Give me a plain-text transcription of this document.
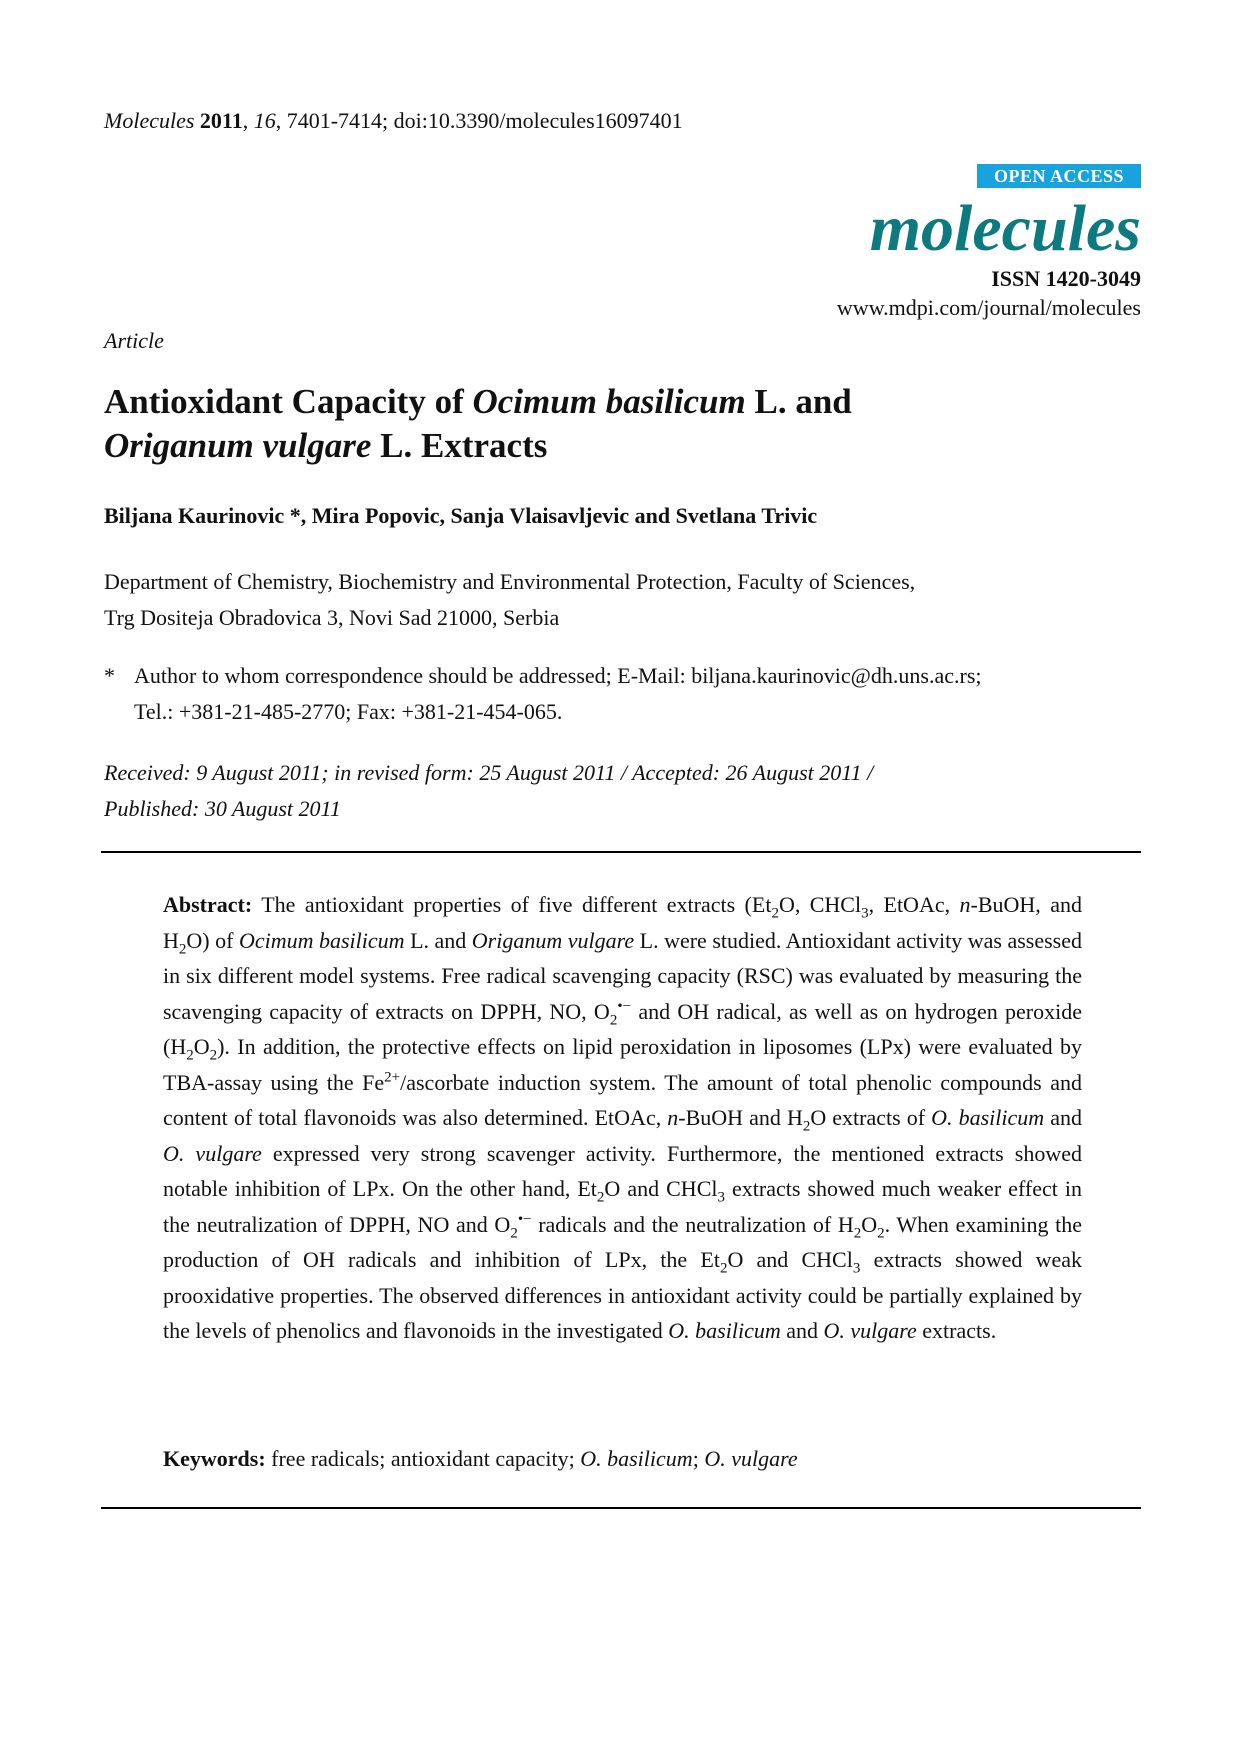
Molecules 2011, 16, 7401-7414; doi:10.3390/molecules16097401
OPEN ACCESS
molecules
ISSN 1420-3049
www.mdpi.com/journal/molecules
Article
Antioxidant Capacity of Ocimum basilicum L. and
Origanum vulgare L. Extracts
Biljana Kaurinovic *, Mira Popovic, Sanja Vlaisavljevic and Svetlana Trivic
Department of Chemistry, Biochemistry and Environmental Protection, Faculty of Sciences,
Trg Dositeja Obradovica 3, Novi Sad 21000, Serbia
* Author to whom correspondence should be addressed; E-Mail: biljana.kaurinovic@dh.uns.ac.rs;
Tel.: +381-21-485-2770; Fax: +381-21-454-065.
Received: 9 August 2011; in revised form: 25 August 2011 / Accepted: 26 August 2011 /
Published: 30 August 2011
Abstract: The antioxidant properties of five different extracts ($Et_2O$, CHCl$_3$, EtOAc, n-BuOH, and $H_2O$) of Ocimum basilicum L. and Origanum vulgare L. were studied. Antioxidant activity was assessed in six different model systems. Free radical scavenging capacity (RSC) was evaluated by measuring the scavenging capacity of extracts on DPPH, NO, $O_2^{•-}$ and OH radical, as well as on hydrogen peroxide $(H_2O_2)$. In addition, the protective effects on lipid peroxidation in liposomes (LPx) were evaluated by TBA-assay using the $Fe^{2+}$/ascorbate induction system. The amount of total phenolic compounds and content of total flavonoids was also determined. EtOAc, n-BuOH and $H_2O$ extracts of O. basilicum and O. vulgare expressed very strong scavenger activity. Furthermore, the mentioned extracts showed notable inhibition of LPx. On the other hand, $Et_2O$ and CHCl$_3$ extracts showed much weaker effect in the neutralization of DPPH, NO and $O_2^{•-}$ radicals and the neutralization of $H_2O_2$. When examining the production of OH radicals and inhibition of LPx, the $Et_2O$ and CHCl$_3$ extracts showed weak prooxidative properties. The observed differences in antioxidant activity could be partially explained by the levels of phenolics and flavonoids in the investigated O. basilicum and O. vulgare extracts.
Keywords: free radicals; antioxidant capacity; O. basilicum; O. vulgare
